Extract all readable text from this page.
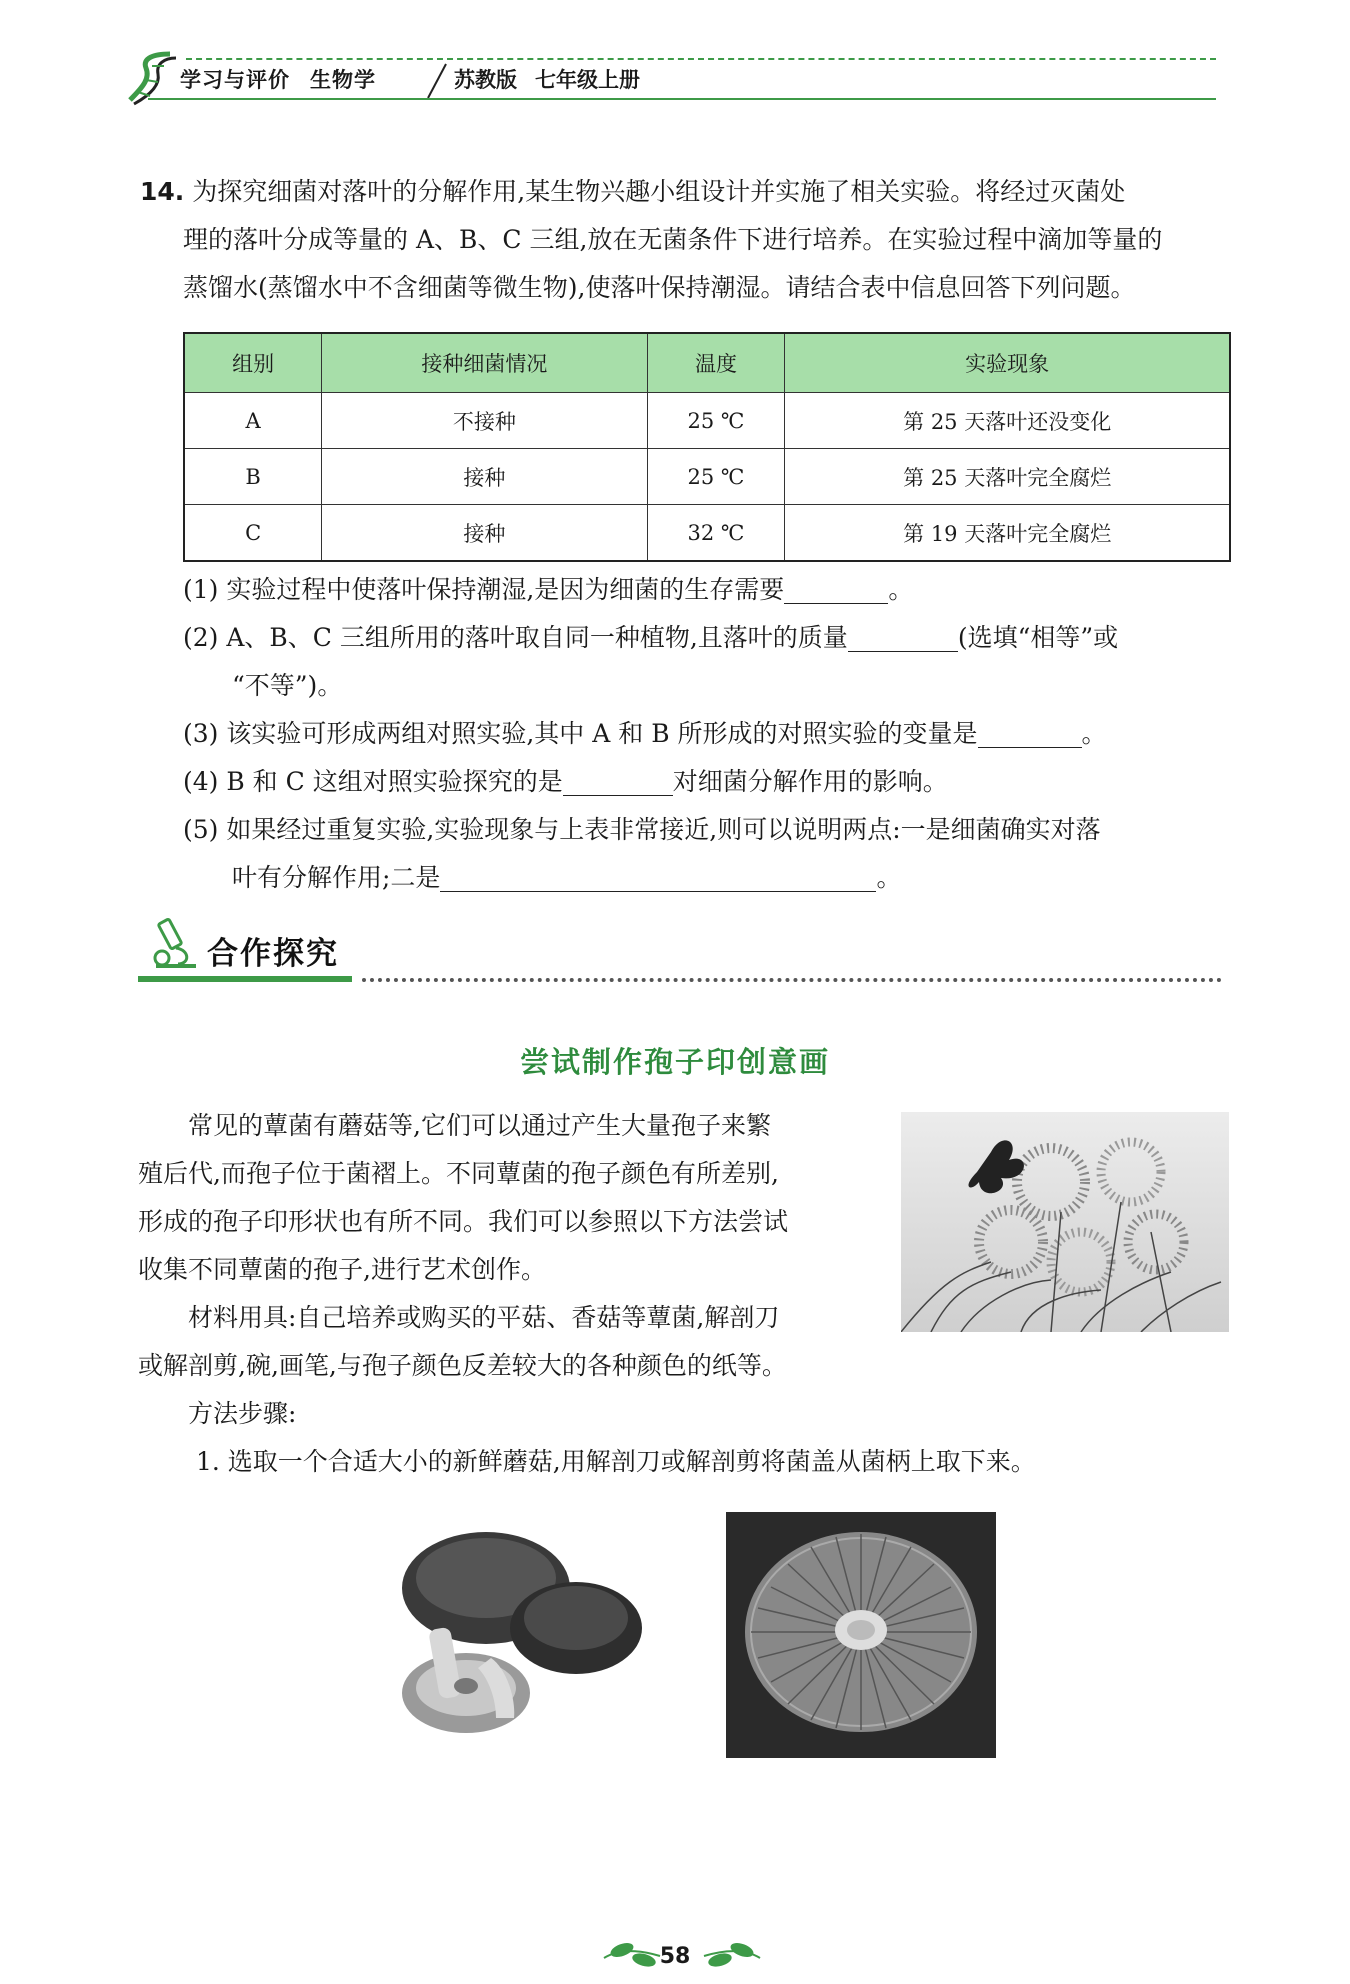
学习与评价 生物学	苏教版 七年级上册
14. 为探究细菌对落叶的分解作用,某生物兴趣小组设计并实施了相关实验。将经过灭菌处
理的落叶分成等量的 A、B、C 三组,放在无菌条件下进行培养。在实验过程中滴加等量的
蒸馏水(蒸馏水中不含细菌等微生物),使落叶保持潮湿。请结合表中信息回答下列问题。
组别	接种细菌情况	温度	实验现象
A	不接种	25 ℃	第 25 天落叶还没变化
B	接种	25 ℃	第 25 天落叶完全腐烂
C	接种	32 ℃	第 19 天落叶完全腐烂
(1) 实验过程中使落叶保持潮湿,是因为细菌的生存需要	。
(2) A、B、C 三组所用的落叶取自同一种植物,且落叶的质量	(选填“相等”或
“不等”)。
(3) 该实验可形成两组对照实验,其中 A 和 B 所形成的对照实验的变量是	。
(4) B 和 C 这组对照实验探究的是	对细菌分解作用的影响。
(5) 如果经过重复实验,实验现象与上表非常接近,则可以说明两点:一是细菌确实对落
叶有分解作用;二是	。
合作探究
尝试制作孢子印创意画
常见的蕈菌有蘑菇等,它们可以通过产生大量孢子来繁
殖后代,而孢子位于菌褶上。不同蕈菌的孢子颜色有所差别,
形成的孢子印形状也有所不同。我们可以参照以下方法尝试
收集不同蕈菌的孢子,进行艺术创作。
材料用具:自己培养或购买的平菇、香菇等蕈菌,解剖刀
或解剖剪,碗,画笔,与孢子颜色反差较大的各种颜色的纸等。
方法步骤:
1. 选取一个合适大小的新鲜蘑菇,用解剖刀或解剖剪将菌盖从菌柄上取下来。
58
